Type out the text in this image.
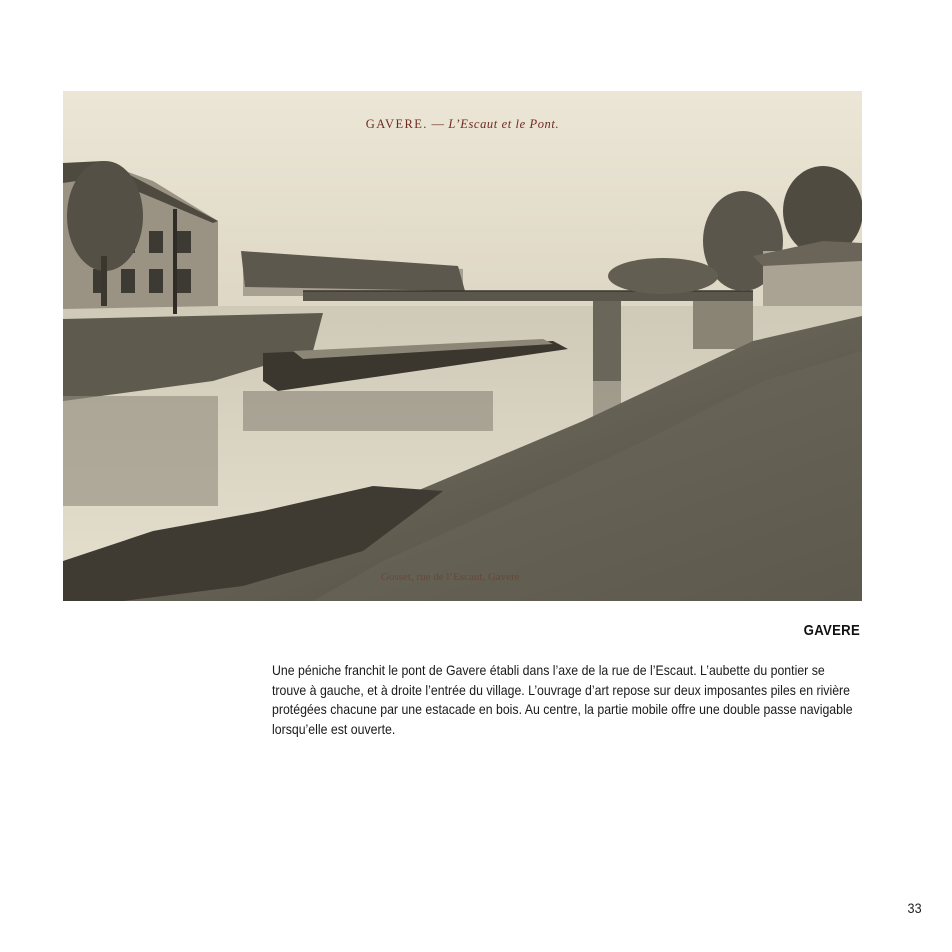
GAVERE. — L’Escaut et le Pont.
Gosset, rue de l’Escaut, Gavere
GAVERE

Une péniche franchit le pont de Gavere établi dans l’axe de la rue de l’Escaut. L’aubette du pontier se trouve à gauche, et à droite l’entrée du village. L’ouvrage d’art repose sur deux imposantes piles en rivière protégées chacune par une estacade en bois. Au centre, la partie mobile offre une double passe navigable lorsqu’elle est ouverte.

33
